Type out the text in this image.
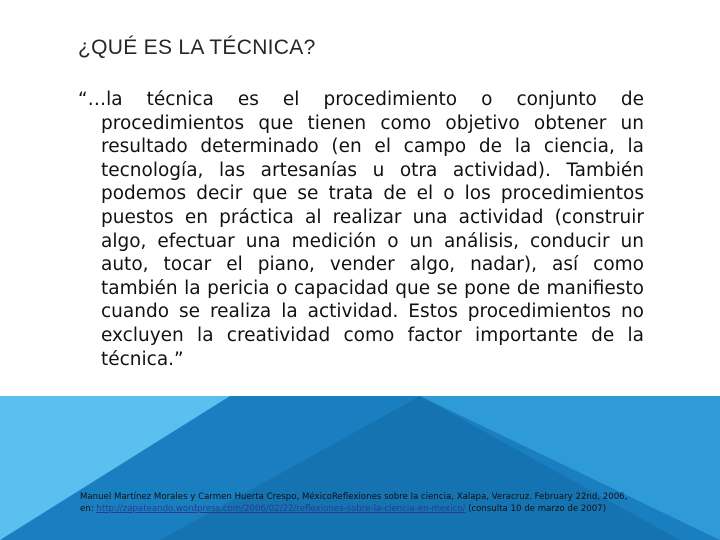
¿QUÉ ES LA TÉCNICA?
“…la técnica es el procedimiento o conjunto de procedimientos que tienen como objetivo obtener un resultado determinado (en el campo de la ciencia, la tecnología, las artesanías u otra actividad). También podemos decir que se trata de el o los procedimientos puestos en práctica al realizar una actividad (construir algo, efectuar una medición o un análisis, conducir un auto, tocar el piano, vender algo, nadar), así como también la pericia o capacidad que se pone de manifiesto cuando se realiza la actividad. Estos procedimientos no excluyen la creatividad como factor importante de la técnica.”
Manuel Martínez Morales y Carmen Huerta Crespo, MéxicoReflexiones sobre la ciencia, Xalapa, Veracruz. February 22nd, 2006,
en: http://zapateando.wordpress.com/2006/02/22/reflexiones-sobre-la-ciencia-en-mexico/ (consulta 10 de marzo de 2007)
